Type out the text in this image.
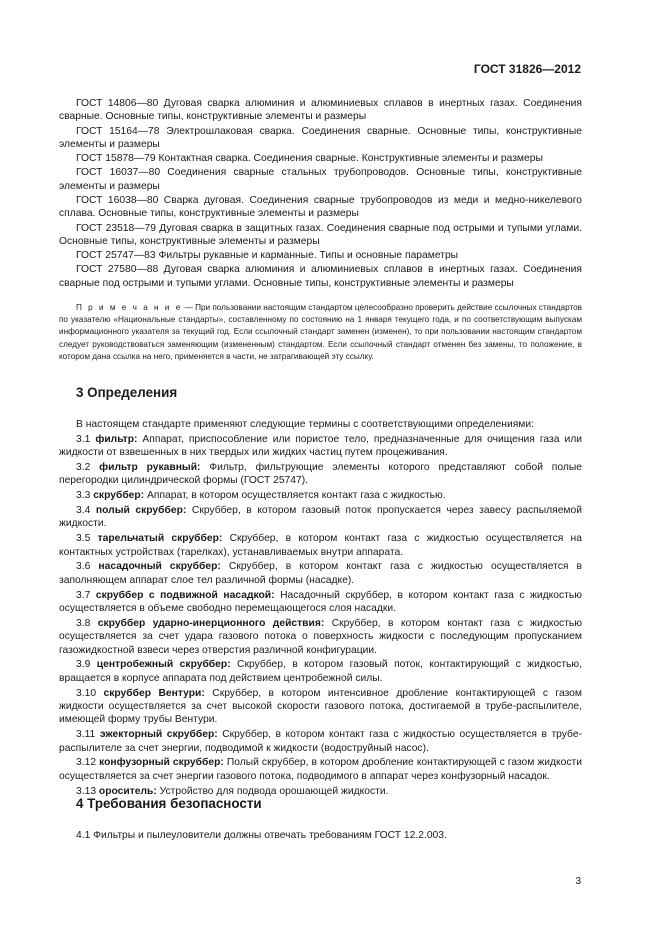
ГОСТ 31826—2012

ГОСТ 14806—80 Дуговая сварка алюминия и алюминиевых сплавов в инертных газах. Соединения сварные. Основные типы, конструктивные элементы и размеры

ГОСТ 15164—78 Электрошлаковая сварка. Соединения сварные. Основные типы, конструктивные элементы и размеры

ГОСТ 15878—79 Контактная сварка. Соединения сварные. Конструктивные элементы и размеры

ГОСТ 16037—80 Соединения сварные стальных трубопроводов. Основные типы, конструктивные элементы и размеры

ГОСТ 16038—80 Сварка дуговая. Соединения сварные трубопроводов из меди и медно-никелевого сплава. Основные типы, конструктивные элементы и размеры

ГОСТ 23518—79 Дуговая сварка в защитных газах. Соединения сварные под острыми и тупыми углами. Основные типы, конструктивные элементы и размеры

ГОСТ 25747—83 Фильтры рукавные и карманные. Типы и основные параметры

ГОСТ 27580—88 Дуговая сварка алюминия и алюминиевых сплавов в инертных газах. Соединения сварные под острыми и тупыми углами. Основные типы, конструктивные элементы и размеры

П р и м е ч а н и е — При пользовании настоящим стандартом целесообразно проверить действие ссылочных стандартов по указателю «Национальные стандарты», составленному по состоянию на 1 января текущего года, и по соответствующим выпускам информационного указателя за текущий год. Если ссылочный стандарт заменен (изменен), то при пользовании настоящим стандартом следует руководствоваться заменяющим (измененным) стандартом. Если ссылочный стандарт отменен без замены, то положение, в котором дана ссылка на него, применяется в части, не затрагивающей эту ссылку.

3 Определения

В настоящем стандарте применяют следующие термины с соответствующими определениями:

3.1 фильтр: Аппарат, приспособление или пористое тело, предназначенные для очищения газа или жидкости от взвешенных в них твердых или жидких частиц путем процеживания.

3.2 фильтр рукавный: Фильтр, фильтрующие элементы которого представляют собой полые перегородки цилиндрической формы (ГОСТ 25747).

3.3 скруббер: Аппарат, в котором осуществляется контакт газа с жидкостью.

3.4 полый скруббер: Скруббер, в котором газовый поток пропускается через завесу распыляемой жидкости.

3.5 тарельчатый скруббер: Скруббер, в котором контакт газа с жидкостью осуществляется на контактных устройствах (тарелках), устанавливаемых внутри аппарата.

3.6 насадочный скруббер: Скруббер, в котором контакт газа с жидкостью осуществляется в заполняющем аппарат слое тел различной формы (насадке).

3.7 скруббер с подвижной насадкой: Насадочный скруббер, в котором контакт газа с жидкостью осуществляется в объеме свободно перемещающегося слоя насадки.

3.8 скруббер ударно-инерционного действия: Скруббер, в котором контакт газа с жидкостью осуществляется за счет удара газового потока о поверхность жидкости с последующим пропусканием газожидкостной взвеси через отверстия различной конфигурации.

3.9 центробежный скруббер: Скруббер, в котором газовый поток, контактирующий с жидкостью, вращается в корпусе аппарата под действием центробежной силы.

3.10 скруббер Вентури: Скруббер, в котором интенсивное дробление контактирующей с газом жидкости осуществляется за счет высокой скорости газового потока, достигаемой в трубе-распылителе, имеющей форму трубы Вентури.

3.11 эжекторный скруббер: Скруббер, в котором контакт газа с жидкостью осуществляется в трубе-распылителе за счет энергии, подводимой к жидкости (водоструйный насос).

3.12 конфузорный скруббер: Полый скруббер, в котором дробление контактирующей с газом жидкости осуществляется за счет энергии газового потока, подводимого в аппарат через конфузорный насадок.

3.13 ороситель: Устройство для подвода орошающей жидкости.

4 Требования безопасности

4.1 Фильтры и пылеуловители должны отвечать требованиям ГОСТ 12.2.003.

3
